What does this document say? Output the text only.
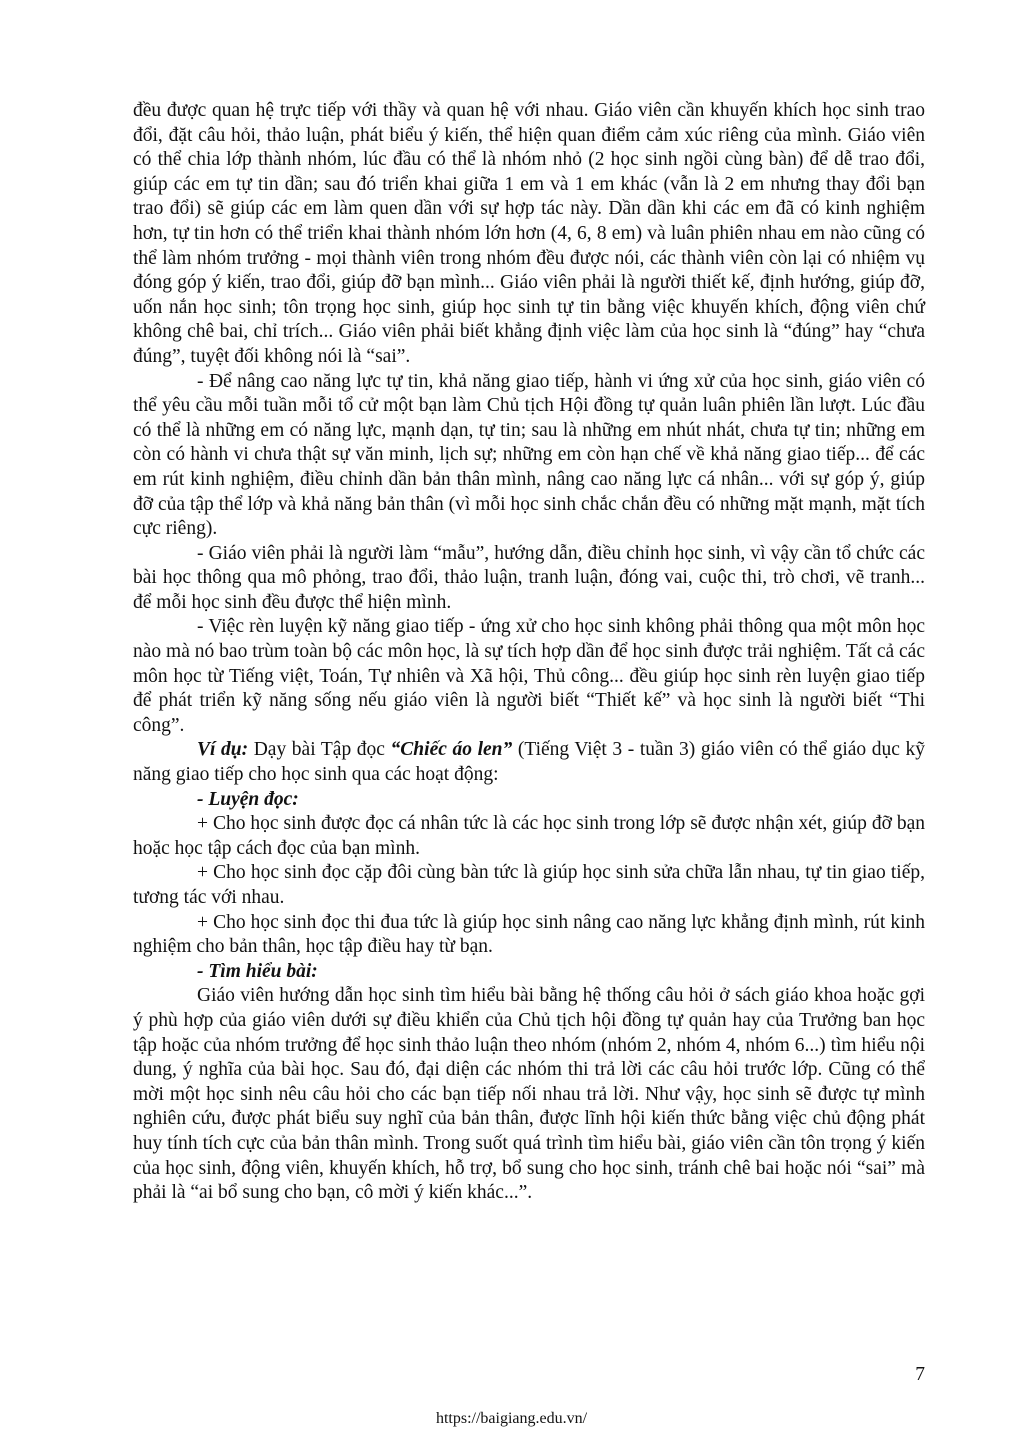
đều được quan hệ trực tiếp với thầy và quan hệ với nhau. Giáo viên cần khuyến khích học sinh trao đổi, đặt câu hỏi, thảo luận, phát biểu ý kiến, thể hiện quan điểm cảm xúc riêng của mình. Giáo viên có thể chia lớp thành nhóm, lúc đầu có thể là nhóm nhỏ (2 học sinh ngồi cùng bàn) để dễ trao đổi, giúp các em tự tin dần; sau đó triển khai giữa 1 em và 1 em khác (vẫn là 2 em nhưng thay đổi bạn trao đổi) sẽ giúp các em làm quen dần với sự hợp tác này. Dần dần khi các em đã có kinh nghiệm hơn, tự tin hơn có thể triển khai thành nhóm lớn hơn (4, 6, 8 em) và luân phiên nhau em nào cũng có thể làm nhóm trưởng - mọi thành viên trong nhóm đều được nói, các thành viên còn lại có nhiệm vụ đóng góp ý kiến, trao đổi, giúp đỡ bạn mình... Giáo viên phải là người thiết kế, định hướng, giúp đỡ, uốn nắn học sinh; tôn trọng học sinh, giúp học sinh tự tin bằng việc khuyến khích, động viên chứ không chê bai, chỉ trích... Giáo viên phải biết khẳng định việc làm của học sinh là “đúng” hay “chưa đúng”, tuyệt đối không nói là “sai”.

- Để nâng cao năng lực tự tin, khả năng giao tiếp, hành vi ứng xử của học sinh, giáo viên có thể yêu cầu mỗi tuần mỗi tổ cử một bạn làm Chủ tịch Hội đồng tự quản luân phiên lần lượt. Lúc đầu có thể là những em có năng lực, mạnh dạn, tự tin; sau là những em nhút nhát, chưa tự tin; những em còn có hành vi chưa thật sự văn minh, lịch sự; những em còn hạn chế về khả năng giao tiếp... để các em rút kinh nghiệm, điều chỉnh dần bản thân mình, nâng cao năng lực cá nhân... với sự góp ý, giúp đỡ của tập thể lớp và khả năng bản thân (vì mỗi học sinh chắc chắn đều có những mặt mạnh, mặt tích cực riêng).

- Giáo viên phải là người làm “mẫu”, hướng dẫn, điều chỉnh học sinh, vì vậy cần tổ chức các bài học thông qua mô phỏng, trao đổi, thảo luận, tranh luận, đóng vai, cuộc thi, trò chơi, vẽ tranh... để mỗi học sinh đều được thể hiện mình.

- Việc rèn luyện kỹ năng giao tiếp - ứng xử cho học sinh không phải thông qua một môn học nào mà nó bao trùm toàn bộ các môn học, là sự tích hợp dần để học sinh được trải nghiệm. Tất cả các môn học từ Tiếng việt, Toán, Tự nhiên và Xã hội, Thủ công... đều giúp học sinh rèn luyện giao tiếp để phát triển kỹ năng sống nếu giáo viên là người biết “Thiết kế” và học sinh là người biết “Thi công”.

Ví dụ: Dạy bài Tập đọc “Chiếc áo len” (Tiếng Việt 3 - tuần 3) giáo viên có thể giáo dục kỹ năng giao tiếp cho học sinh qua các hoạt động:

- Luyện đọc:

+ Cho học sinh được đọc cá nhân tức là các học sinh trong lớp sẽ được nhận xét, giúp đỡ bạn hoặc học tập cách đọc của bạn mình.

+ Cho học sinh đọc cặp đôi cùng bàn tức là giúp học sinh sửa chữa lẫn nhau, tự tin giao tiếp, tương tác với nhau.

+ Cho học sinh đọc thi đua tức là giúp học sinh nâng cao năng lực khẳng định mình, rút kinh nghiệm cho bản thân, học tập điều hay từ bạn.

- Tìm hiểu bài:

Giáo viên hướng dẫn học sinh tìm hiểu bài bằng hệ thống câu hỏi ở sách giáo khoa hoặc gợi ý phù hợp của giáo viên dưới sự điều khiển của Chủ tịch hội đồng tự quản hay của Trưởng ban học tập hoặc của nhóm trưởng để học sinh thảo luận theo nhóm (nhóm 2, nhóm 4, nhóm 6...) tìm hiểu nội dung, ý nghĩa của bài học. Sau đó, đại diện các nhóm thi trả lời các câu hỏi trước lớp. Cũng có thể mời một học sinh nêu câu hỏi cho các bạn tiếp nối nhau trả lời. Như vậy, học sinh sẽ được tự mình nghiên cứu, được phát biểu suy nghĩ của bản thân, được lĩnh hội kiến thức bằng việc chủ động phát huy tính tích cực của bản thân mình. Trong suốt quá trình tìm hiểu bài, giáo viên cần tôn trọng ý kiến của học sinh, động viên, khuyến khích, hỗ trợ, bổ sung cho học sinh, tránh chê bai hoặc nói “sai” mà phải là “ai bổ sung cho bạn, cô mời ý kiến khác...”.

7
https://baigiang.edu.vn/
